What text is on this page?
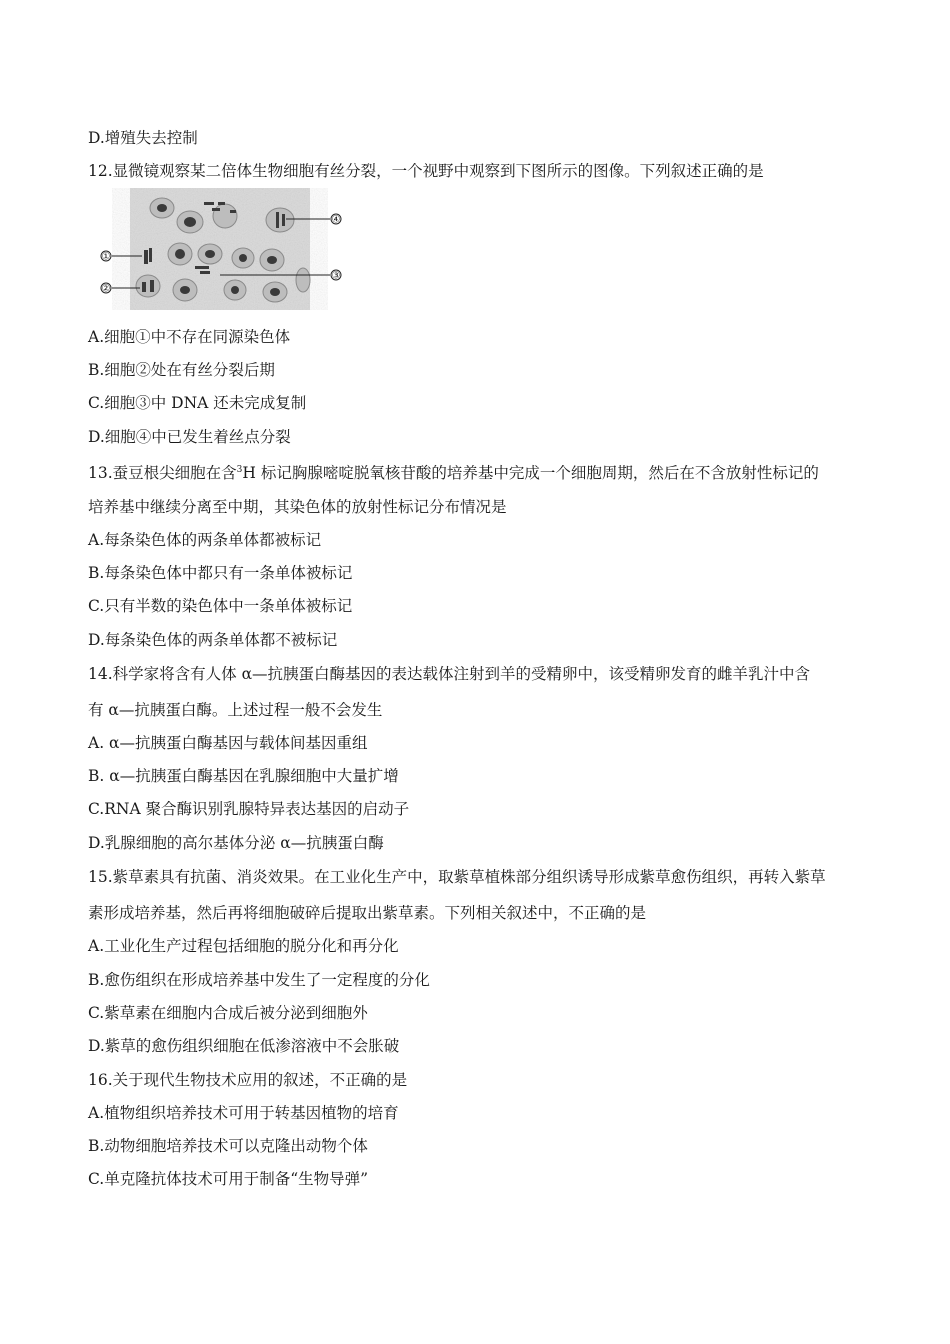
D.增殖失去控制
12.显微镜观察某二倍体生物细胞有丝分裂，一个视野中观察到下图所示的图像。下列叙述正确的是
①
②
③
④
A.细胞①中不存在同源染色体
B.细胞②处在有丝分裂后期
C.细胞③中 DNA 还未完成复制
D.细胞④中已发生着丝点分裂
13.蚕豆根尖细胞在含$^3$H 标记胸腺嘧啶脱氧核苷酸的培养基中完成一个细胞周期，然后在不含放射性标记的
培养基中继续分离至中期，其染色体的放射性标记分布情况是
A.每条染色体的两条单体都被标记
B.每条染色体中都只有一条单体被标记
C.只有半数的染色体中一条单体被标记
D.每条染色体的两条单体都不被标记
14.科学家将含有人体 α—抗胰蛋白酶基因的表达载体注射到羊的受精卵中，该受精卵发育的雌羊乳汁中含
有 α—抗胰蛋白酶。上述过程一般不会发生
A. α—抗胰蛋白酶基因与载体间基因重组
B. α—抗胰蛋白酶基因在乳腺细胞中大量扩增
C.RNA 聚合酶识别乳腺特异表达基因的启动子
D.乳腺细胞的高尔基体分泌 α—抗胰蛋白酶
15.紫草素具有抗菌、消炎效果。在工业化生产中，取紫草植株部分组织诱导形成紫草愈伤组织，再转入紫草
素形成培养基，然后再将细胞破碎后提取出紫草素。下列相关叙述中，不正确的是
A.工业化生产过程包括细胞的脱分化和再分化
B.愈伤组织在形成培养基中发生了一定程度的分化
C.紫草素在细胞内合成后被分泌到细胞外
D.紫草的愈伤组织细胞在低渗溶液中不会胀破
16.关于现代生物技术应用的叙述，不正确的是
A.植物组织培养技术可用于转基因植物的培育
B.动物细胞培养技术可以克隆出动物个体
C.单克隆抗体技术可用于制备“生物导弹”
